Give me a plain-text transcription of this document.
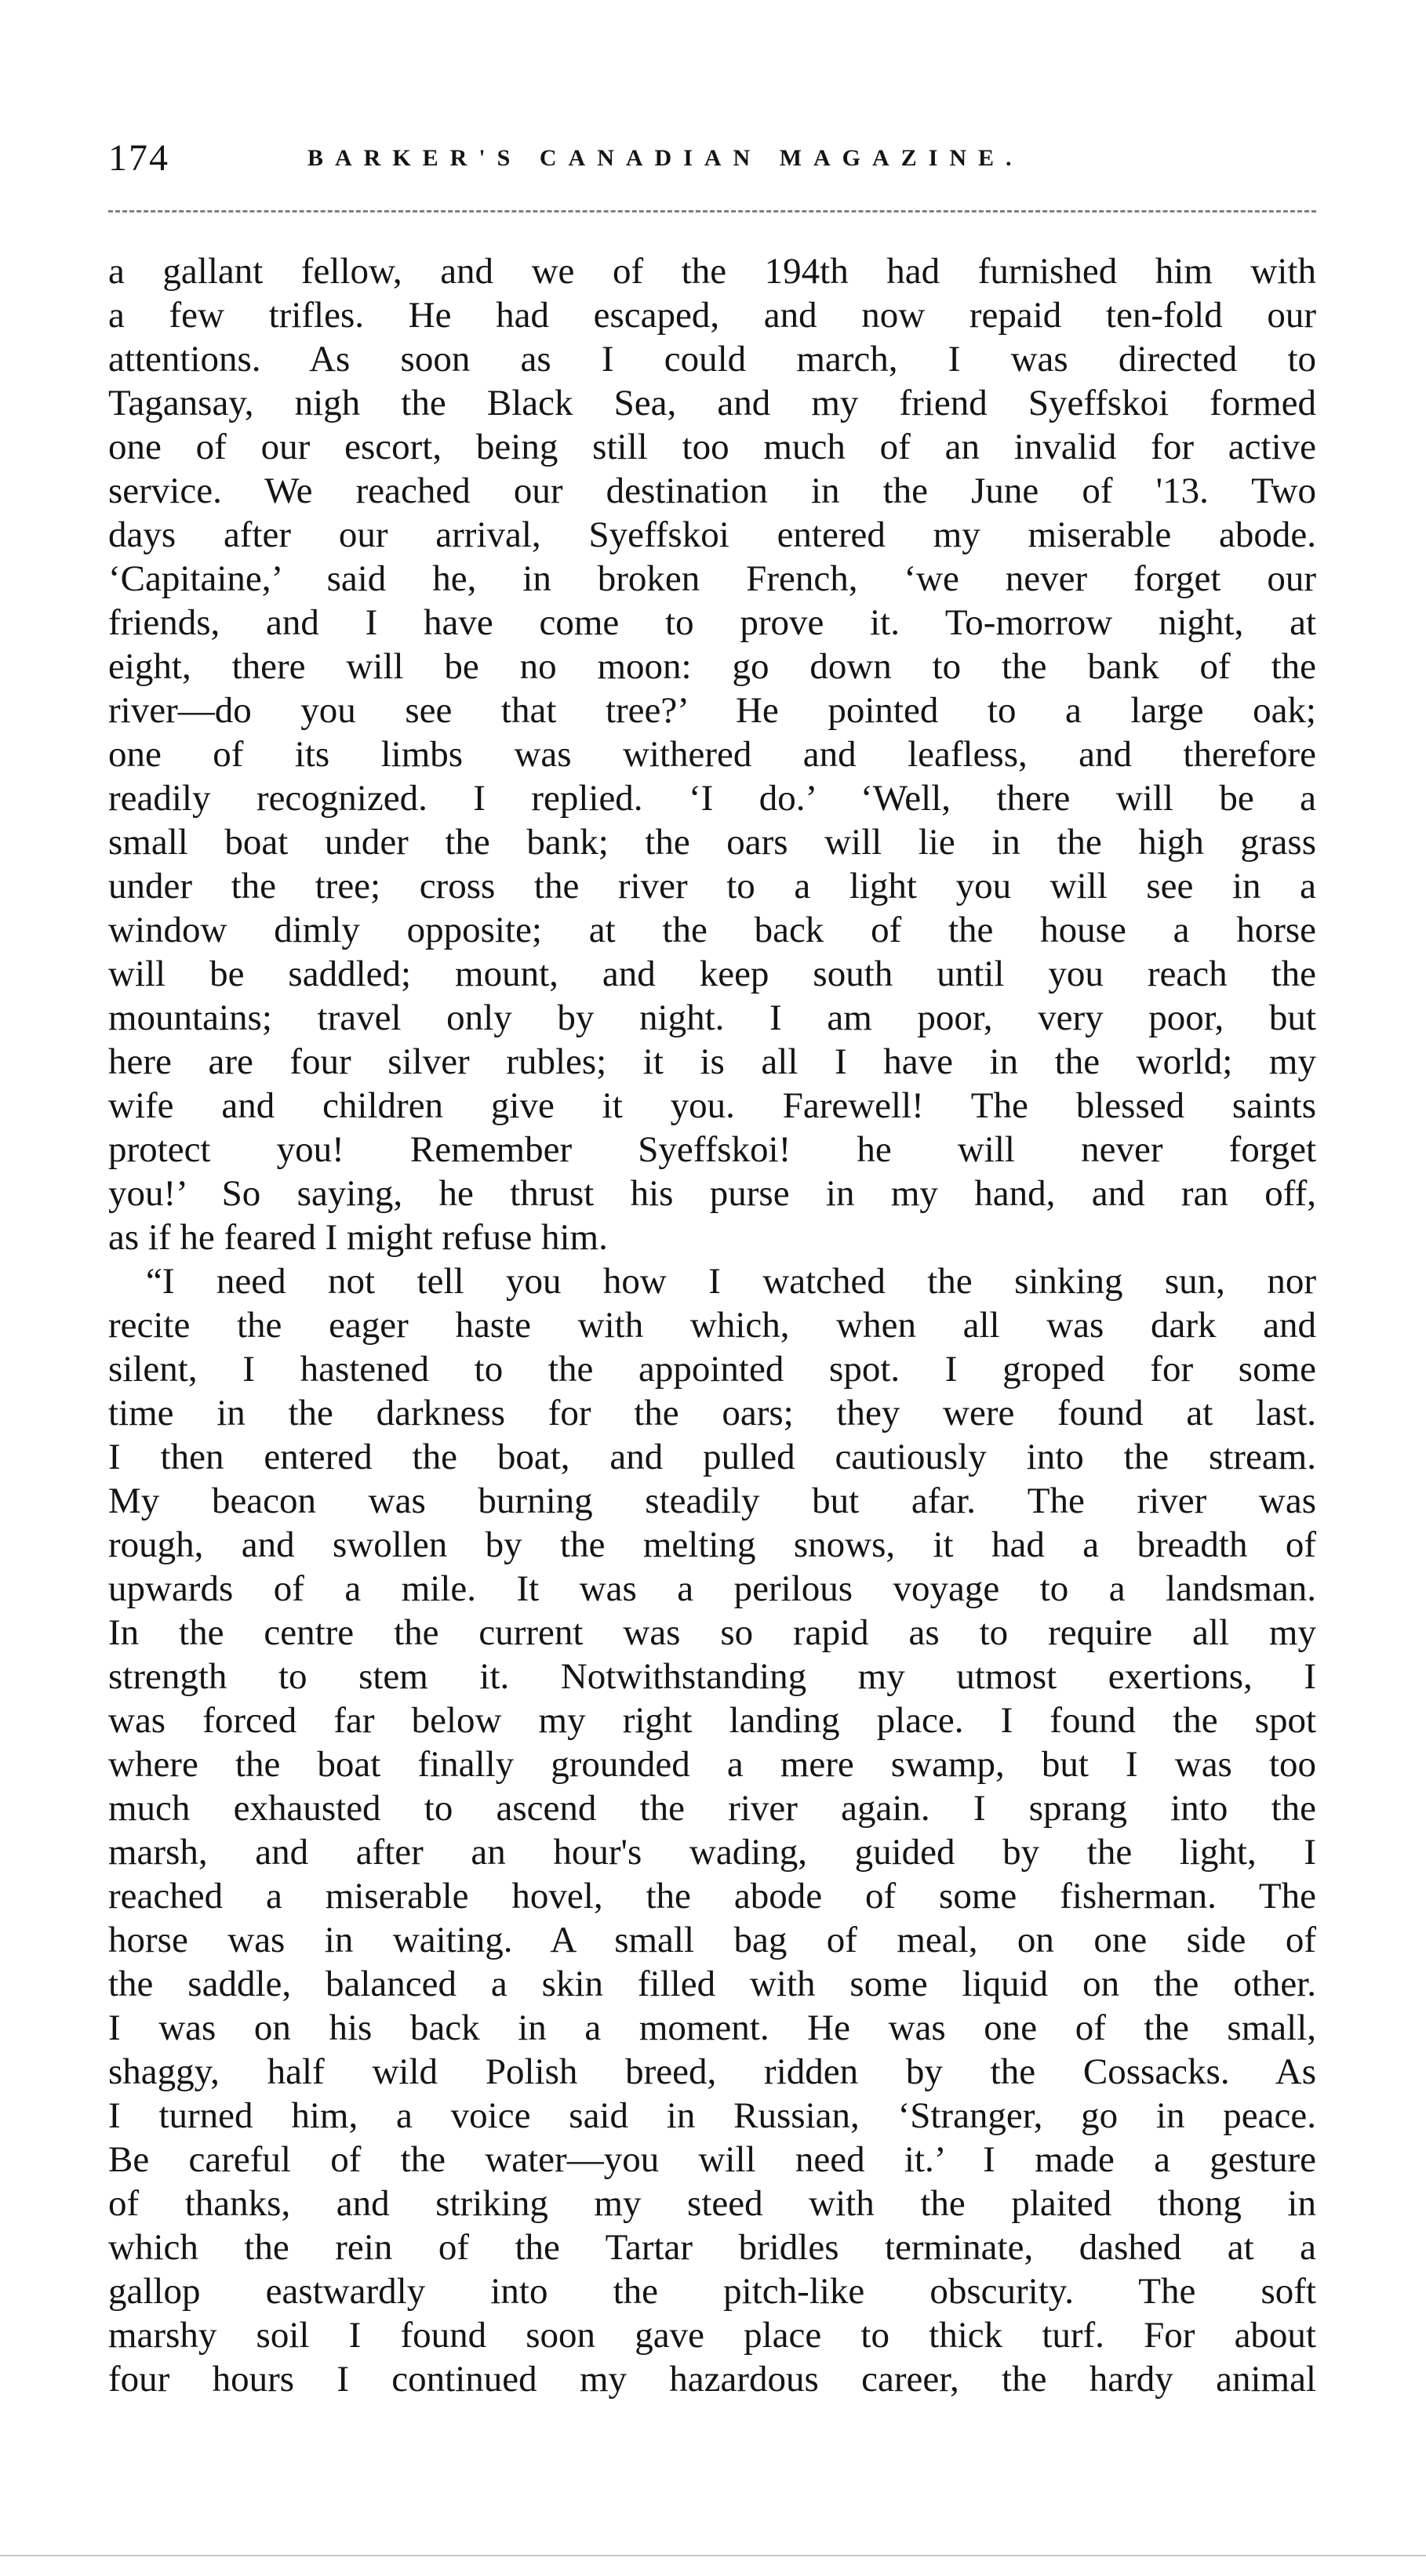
174	BARKER'S CANADIAN MAGAZINE.
a gallant fellow, and we of the 194th had furnished him with
a few trifles. He had escaped, and now repaid ten-fold our
attentions. As soon as I could march, I was directed to
Tagansay, nigh the Black Sea, and my friend Syeffskoi formed
one of our escort, being still too much of an invalid for active
service. We reached our destination in the June of '13. Two
days after our arrival, Syeffskoi entered my miserable abode.
‘Capitaine,’ said he, in broken French, ‘we never forget our
friends, and I have come to prove it. To-morrow night, at
eight, there will be no moon: go down to the bank of the
river—do you see that tree?’ He pointed to a large oak;
one of its limbs was withered and leafless, and therefore
readily recognized. I replied. ‘I do.’ ‘Well, there will be a
small boat under the bank; the oars will lie in the high grass
under the tree; cross the river to a light you will see in a
window dimly opposite; at the back of the house a horse
will be saddled; mount, and keep south until you reach the
mountains; travel only by night. I am poor, very poor, but
here are four silver rubles; it is all I have in the world; my
wife and children give it you. Farewell! The blessed saints
protect you! Remember Syeffskoi! he will never forget
you!’ So saying, he thrust his purse in my hand, and ran off,
as if he feared I might refuse him.
“I need not tell you how I watched the sinking sun, nor
recite the eager haste with which, when all was dark and
silent, I hastened to the appointed spot. I groped for some
time in the darkness for the oars; they were found at last.
I then entered the boat, and pulled cautiously into the stream.
My beacon was burning steadily but afar. The river was
rough, and swollen by the melting snows, it had a breadth of
upwards of a mile. It was a perilous voyage to a landsman.
In the centre the current was so rapid as to require all my
strength to stem it. Notwithstanding my utmost exertions, I
was forced far below my right landing place. I found the spot
where the boat finally grounded a mere swamp, but I was too
much exhausted to ascend the river again. I sprang into the
marsh, and after an hour's wading, guided by the light, I
reached a miserable hovel, the abode of some fisherman. The
horse was in waiting. A small bag of meal, on one side of
the saddle, balanced a skin filled with some liquid on the other.
I was on his back in a moment. He was one of the small,
shaggy, half wild Polish breed, ridden by the Cossacks. As
I turned him, a voice said in Russian, ‘Stranger, go in peace.
Be careful of the water—you will need it.’ I made a gesture
of thanks, and striking my steed with the plaited thong in
which the rein of the Tartar bridles terminate, dashed at a
gallop eastwardly into the pitch-like obscurity. The soft
marshy soil I found soon gave place to thick turf. For about
four hours I continued my hazardous career, the hardy animal
